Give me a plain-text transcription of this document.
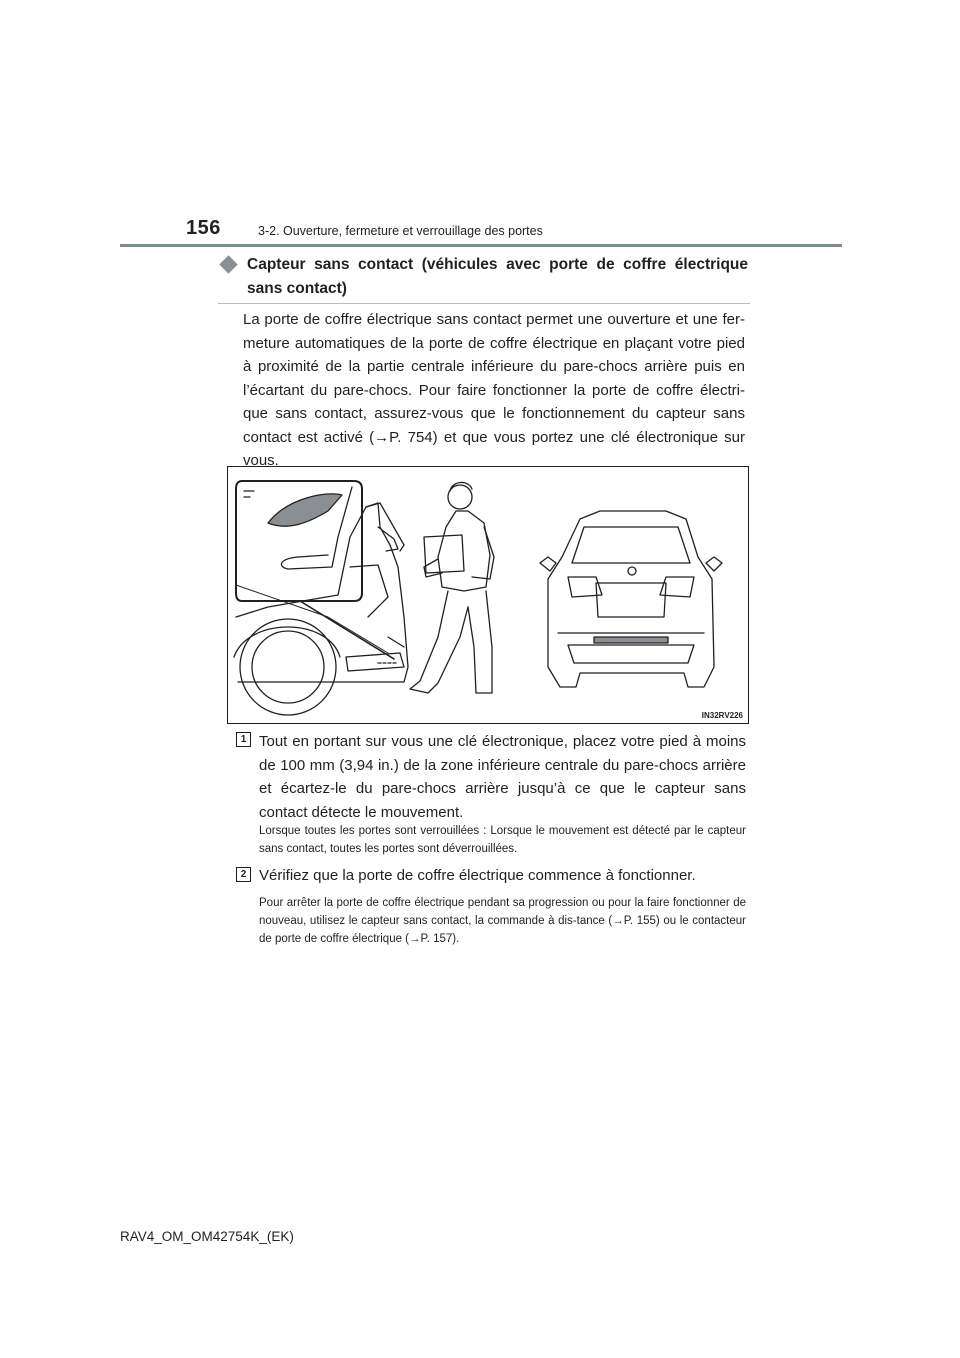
156	3-2. Ouverture, fermeture et verrouillage des portes
Capteur sans contact (véhicules avec porte de coffre électrique sans contact)
La porte de coffre électrique sans contact permet une ouverture et une fer-meture automatiques de la porte de coffre électrique en plaçant votre pied à proximité de la partie centrale inférieure du pare-chocs arrière puis en l’écartant du pare-chocs. Pour faire fonctionner la porte de coffre électri-que sans contact, assurez-vous que le fonctionnement du capteur sans contact est activé (→P. 754) et que vous portez une clé électronique sur vous.
IN32RV226
1 Tout en portant sur vous une clé électronique, placez votre pied à moins de 100 mm (3,94 in.) de la zone inférieure centrale du pare-chocs arrière et écartez-le du pare-chocs arrière jusqu’à ce que le capteur sans contact détecte le mouvement.
Lorsque toutes les portes sont verrouillées : Lorsque le mouvement est détecté par le capteur sans contact, toutes les portes sont déverrouillées.
2 Vérifiez que la porte de coffre électrique commence à fonctionner.
Pour arrêter la porte de coffre électrique pendant sa progression ou pour la faire fonctionner de nouveau, utilisez le capteur sans contact, la commande à dis-tance (→P. 155) ou le contacteur de porte de coffre électrique (→P. 157).
RAV4_OM_OM42754K_(EK)
